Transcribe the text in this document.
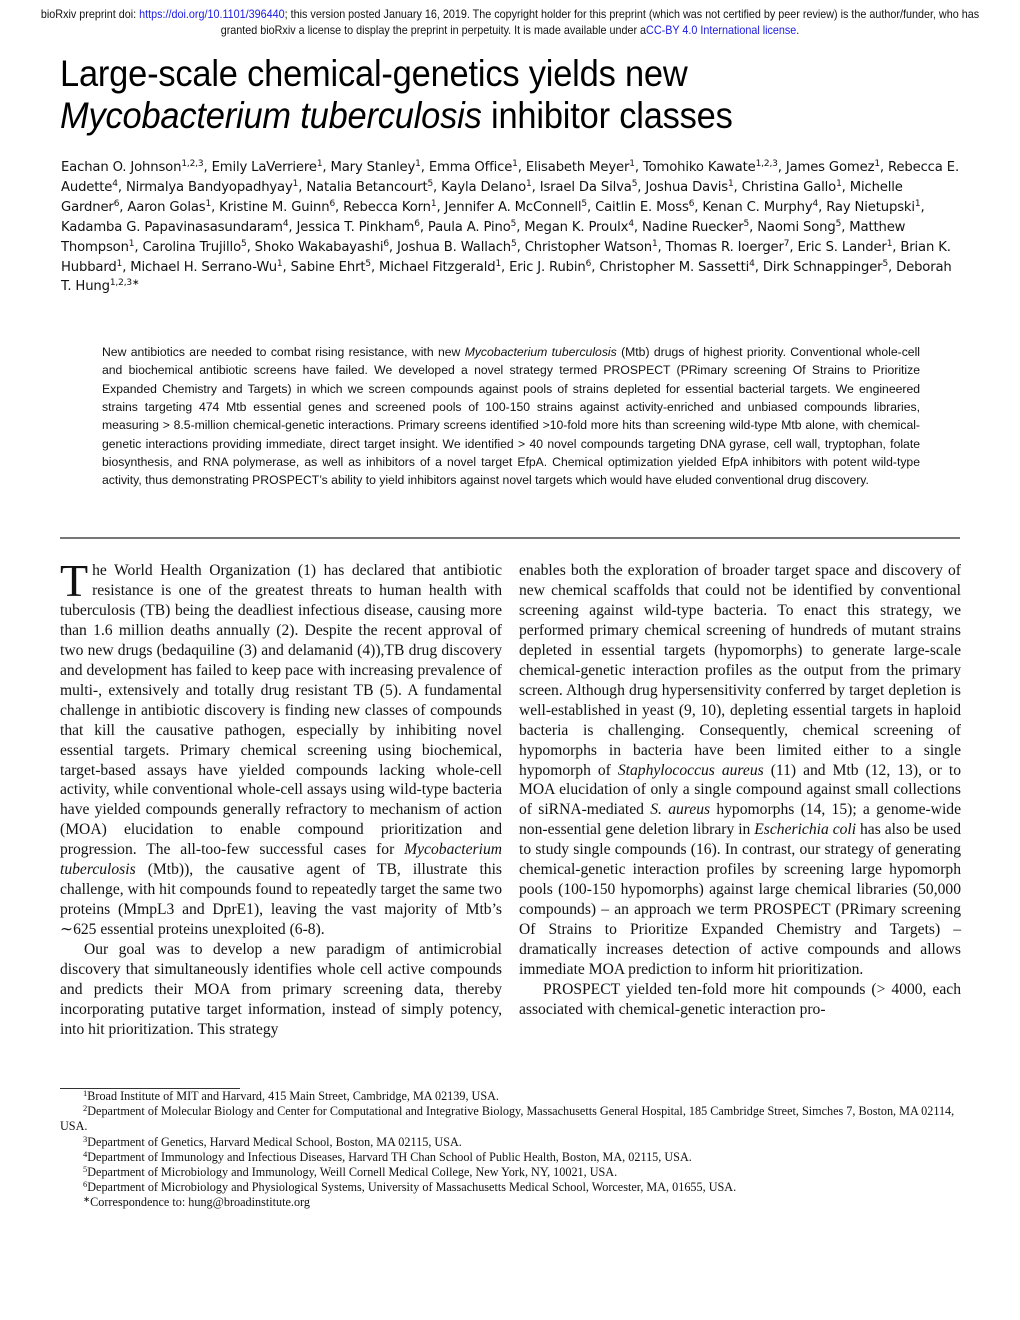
bioRxiv preprint doi: https://doi.org/10.1101/396440; this version posted January 16, 2019. The copyright holder for this preprint (which was not certified by peer review) is the author/funder, who has granted bioRxiv a license to display the preprint in perpetuity. It is made available under aCC-BY 4.0 International license.
Large-scale chemical-genetics yields new
Mycobacterium tuberculosis inhibitor classes
Eachan O. Johnson$^{1,2,3}$, Emily LaVerriere$^1$, Mary Stanley$^1$, Emma Office$^1$, Elisabeth Meyer$^1$, Tomohiko Kawate$^{1,2,3}$, James Gomez$^1$, Rebecca E. Audette$^4$, Nirmalya Bandyopadhyay$^1$, Natalia Betancourt$^5$, Kayla Delano$^1$, Israel Da Silva$^5$, Joshua Davis$^1$, Christina Gallo$^1$, Michelle Gardner$^6$, Aaron Golas$^1$, Kristine M. Guinn$^6$, Rebecca Korn$^1$, Jennifer A. McConnell$^5$, Caitlin E. Moss$^6$, Kenan C. Murphy$^4$, Ray Nietupski$^1$, Kadamba G. Papavinasasundaram$^4$, Jessica T. Pinkham$^6$, Paula A. Pino$^5$, Megan K. Proulx$^4$, Nadine Ruecker$^5$, Naomi Song$^5$, Matthew Thompson$^1$, Carolina Trujillo$^5$, Shoko Wakabayashi$^6$, Joshua B. Wallach$^5$, Christopher Watson$^1$, Thomas R. Ioerger$^7$, Eric S. Lander$^1$, Brian K. Hubbard$^1$, Michael H. Serrano-Wu$^1$, Sabine Ehrt$^5$, Michael Fitzgerald$^1$, Eric J. Rubin$^6$, Christopher M. Sassetti$^4$, Dirk Schnappinger$^5$, Deborah T. Hung$^{1,2,3∗}$
New antibiotics are needed to combat rising resistance, with new Mycobacterium tuberculosis (Mtb) drugs of highest priority. Conventional whole-cell and biochemical antibiotic screens have failed. We developed a novel strategy termed PROSPECT (PRimary screening Of Strains to Prioritize Expanded Chemistry and Targets) in which we screen compounds against pools of strains depleted for essential bacterial targets. We engineered strains targeting 474 Mtb essential genes and screened pools of 100-150 strains against activity-enriched and unbiased compounds libraries, measuring > 8.5-million chemical-genetic interactions. Primary screens identified >10-fold more hits than screening wild-type Mtb alone, with chemical-genetic interactions providing immediate, direct target insight. We identified > 40 novel compounds targeting DNA gyrase, cell wall, tryptophan, folate biosynthesis, and RNA polymerase, as well as inhibitors of a novel target EfpA. Chemical optimization yielded EfpA inhibitors with potent wild-type activity, thus demonstrating PROSPECT’s ability to yield inhibitors against novel targets which would have eluded conventional drug discovery.

The World Health Organization (1) has declared that antibiotic resistance is one of the greatest threats to human health with tuberculosis (TB) being the deadliest infectious disease, causing more than 1.6 million deaths annually (2). Despite the recent approval of two new drugs (bedaquiline (3) and delamanid (4)),TB drug discovery and development has failed to keep pace with increasing prevalence of multi-, extensively and totally drug resistant TB (5). A fundamental challenge in antibiotic discovery is finding new classes of compounds that kill the causative pathogen, especially by inhibiting novel essential targets. Primary chemical screening using biochemical, target-based assays have yielded compounds lacking whole-cell activity, while conventional whole-cell assays using wild-type bacteria have yielded compounds generally refractory to mechanism of action (MOA) elucidation to enable compound prioritization and progression. The all-too-few successful cases for Mycobacterium tuberculosis (Mtb)), the causative agent of TB, illustrate this challenge, with hit compounds found to repeatedly target the same two proteins (MmpL3 and DprE1), leaving the vast majority of Mtb’s ∼625 essential proteins unexploited (6-8).

Our goal was to develop a new paradigm of antimicrobial discovery that simultaneously identifies whole cell active compounds and predicts their MOA from primary screening data, thereby incorporating putative target information, instead of simply potency, into hit prioritization. This strategy

enables both the exploration of broader target space and discovery of new chemical scaffolds that could not be identified by conventional screening against wild-type bacteria. To enact this strategy, we performed primary chemical screening of hundreds of mutant strains depleted in essential targets (hypomorphs) to generate large-scale chemical-genetic interaction profiles as the output from the primary screen. Although drug hypersensitivity conferred by target depletion is well-established in yeast (9, 10), depleting essential targets in haploid bacteria is challenging. Consequently, chemical screening of hypomorphs in bacteria have been limited either to a single hypomorph of Staphylococcus aureus (11) and Mtb (12, 13), or to MOA elucidation of only a single compound against small collections of siRNA-mediated S. aureus hypomorphs (14, 15); a genome-wide non-essential gene deletion library in Escherichia coli has also be used to study single compounds (16). In contrast, our strategy of generating chemical-genetic interaction profiles by screening large hypomorph pools (100-150 hypomorphs) against large chemical libraries (50,000 compounds) – an approach we term PROSPECT (PRimary screening Of Strains to Prioritize Expanded Chemistry and Targets) – dramatically increases detection of active compounds and allows immediate MOA prediction to inform hit prioritization.

PROSPECT yielded ten-fold more hit compounds (> 4000, each associated with chemical-genetic interaction pro-

$^1$Broad Institute of MIT and Harvard, 415 Main Street, Cambridge, MA 02139, USA.

$^2$Department of Molecular Biology and Center for Computational and Integrative Biology, Massachusetts General Hospital, 185 Cambridge Street, Simches 7, Boston, MA 02114, USA.

$^3$Department of Genetics, Harvard Medical School, Boston, MA 02115, USA.

$^4$Department of Immunology and Infectious Diseases, Harvard TH Chan School of Public Health, Boston, MA, 02115, USA.

$^5$Department of Microbiology and Immunology, Weill Cornell Medical College, New York, NY, 10021, USA.

$^6$Department of Microbiology and Physiological Systems, University of Massachusetts Medical School, Worcester, MA, 01655, USA.

∗Correspondence to: hung@broadinstitute.org
